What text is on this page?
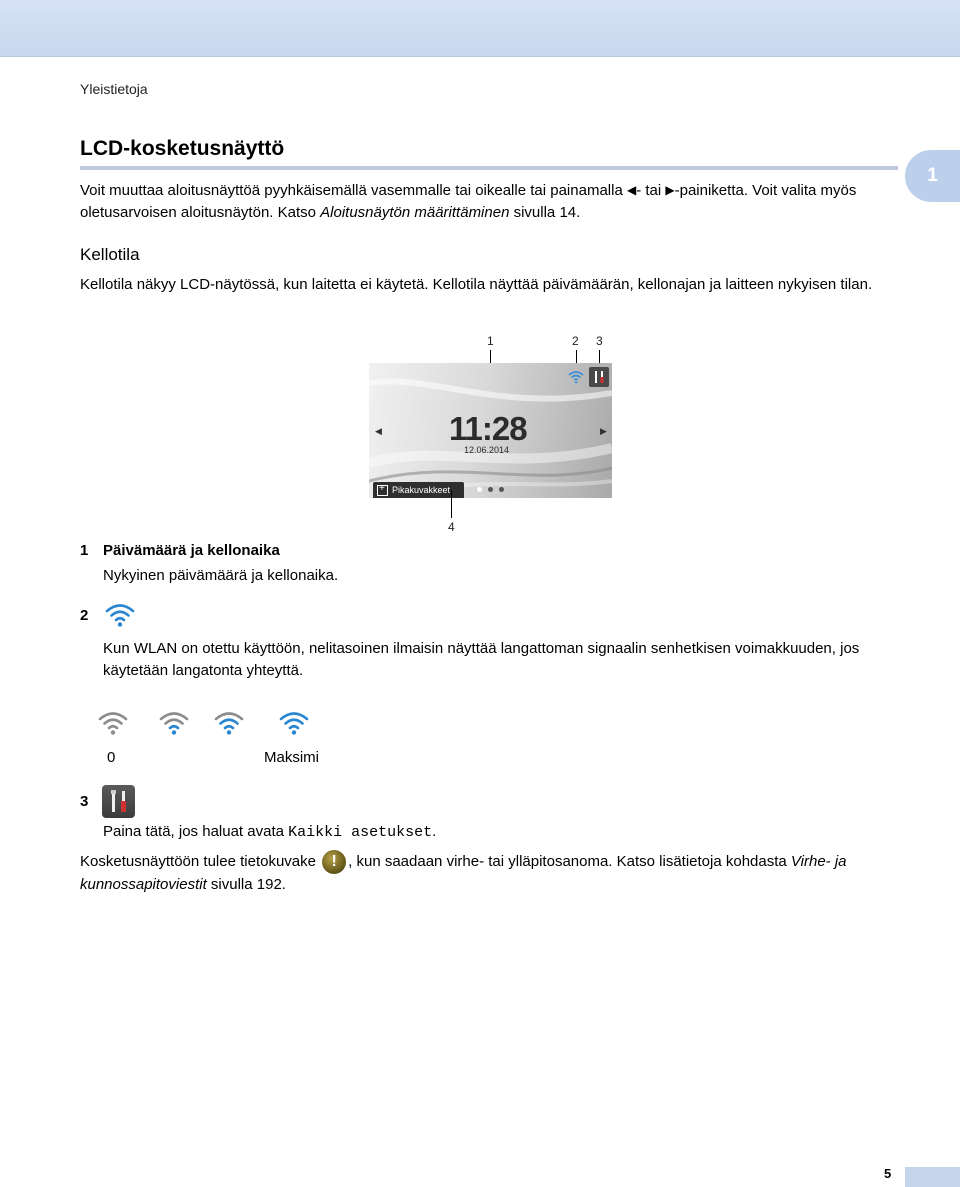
Yleistietoja
LCD-kosketusnäyttö
1
Voit muuttaa aloitusnäyttöä pyyhkäisemällä vasemmalle tai oikealle tai painamalla ◀- tai ▶-painiketta. Voit valita myös oletusarvoisen aloitusnäytön. Katso Aloitusnäytön määrittäminen sivulla 14.
Kellotila
Kellotila näkyy LCD-näytössä, kun laitetta ei käytetä. Kellotila näyttää päivämäärän, kellonajan ja laitteen nykyisen tilan.
1	2 3
◀	▶
11:28
12.06.2014
+
Pikakuvakkeet
4
1 Päivämäärä ja kellonaika
Nykyinen päivämäärä ja kellonaika.
2
Kun WLAN on otettu käyttöön, nelitasoinen ilmaisin näyttää langattoman signaalin senhetkisen voimakkuuden, jos käytetään langatonta yhteyttä.
0	Maksimi
3
Paina tätä, jos haluat avata Kaikki asetukset.
Kosketusnäyttöön tulee tietokuvake ! , kun saadaan virhe- tai ylläpitosanoma. Katso lisätietoja kohdasta Virhe- ja kunnossapitoviestit sivulla 192.
5
